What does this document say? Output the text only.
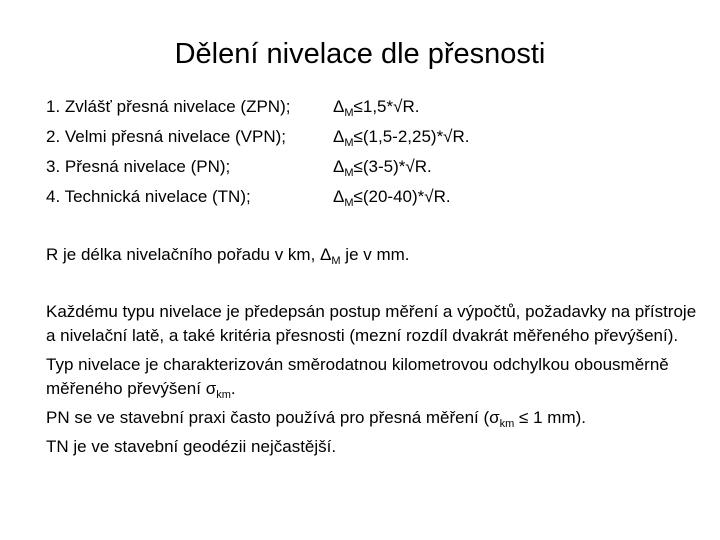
Dělení nivelace dle přesnosti
1. Zvlášť přesná nivelace (ZPN);	$\Delta_M\le 1,5*√R$.
2. Velmi přesná nivelace (VPN);	$\Delta_M\le(1,5-2,25)*√R$.
3. Přesná nivelace (PN);	$\Delta_M\le(3-5)*√R$.
4. Technická nivelace (TN);	$\Delta_M\le(20-40)*√R$.
R je délka nivelačního pořadu v km, $\Delta_M$ je v mm.

Každému typu nivelace je předepsán postup měření a výpočtů, požadavky na přístroje a nivelační latě, a také kritéria přesnosti (mezní rozdíl dvakrát měřeného převýšení).

Typ nivelace je charakterizován směrodatnou kilometrovou odchylkou obousměrně měřeného převýšení $\sigma_{km}$.

PN se ve stavební praxi často používá pro přesná měření ($\sigma_{km} \le 1$ mm).

TN je ve stavební geodézii nejčastější.
